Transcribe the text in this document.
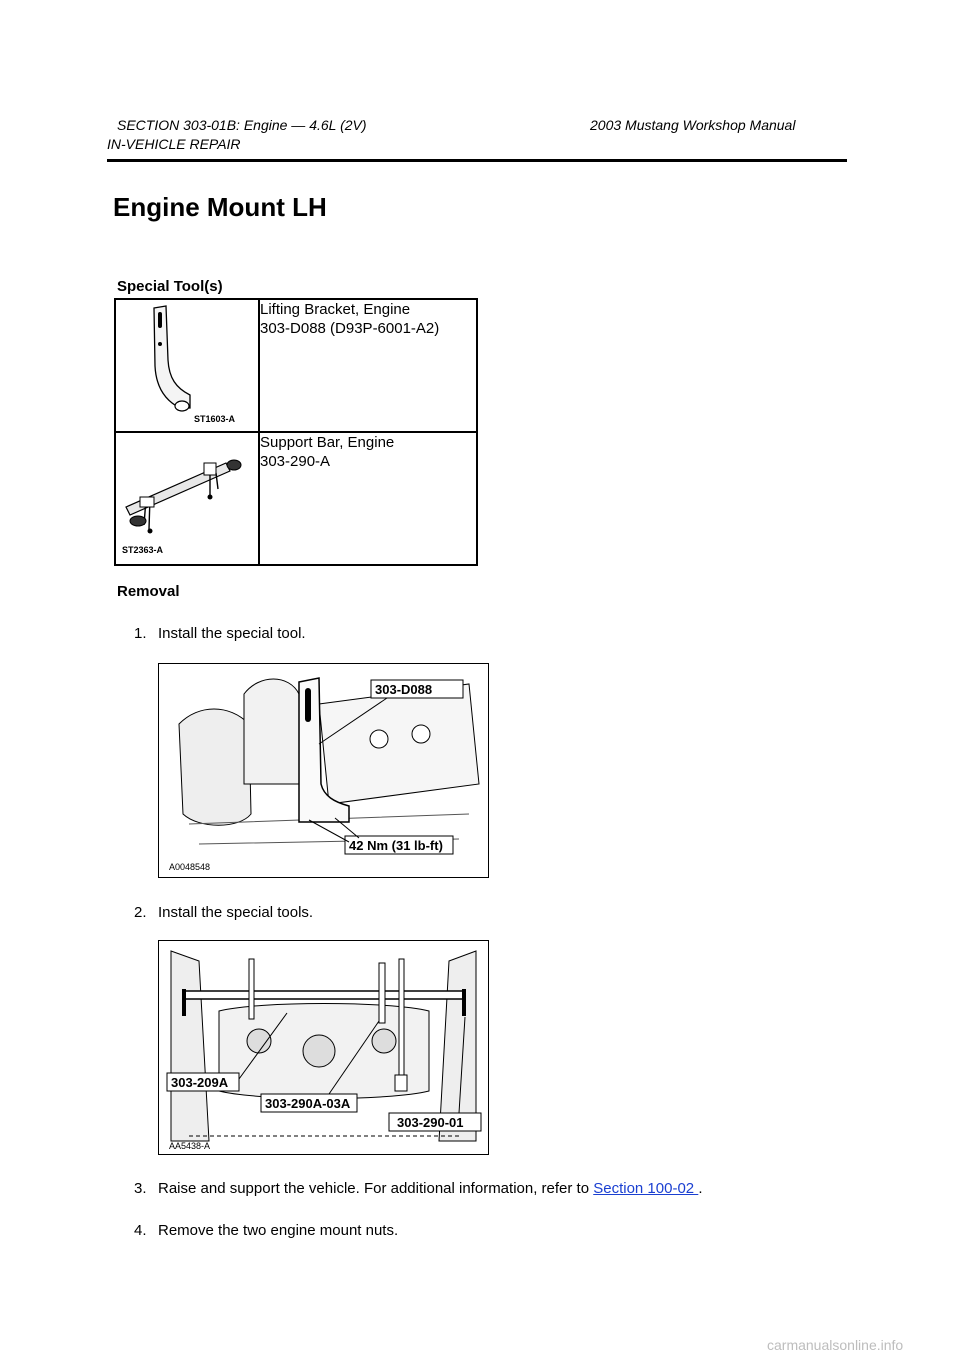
SECTION 303-01B: Engine — 4.6L (2V)	2003 Mustang Workshop Manual
IN-VEHICLE REPAIR
Engine Mount LH
Special Tool(s)
ST1603-A	Lifting Bracket, Engine
303-D088 (D93P-6001-A2)

ST2363-A	Support Bar, Engine
303-290-A
Removal
1. Install the special tool.
303-D088
42 Nm (31 lb-ft)
A0048548
2. Install the special tools.
303-209A
303-290A-03A
303-290-01
AA5438-A
3. Raise and support the vehicle. For additional information, refer to Section 100-02 .
4. Remove the two engine mount nuts.
carmanualsonline.info
